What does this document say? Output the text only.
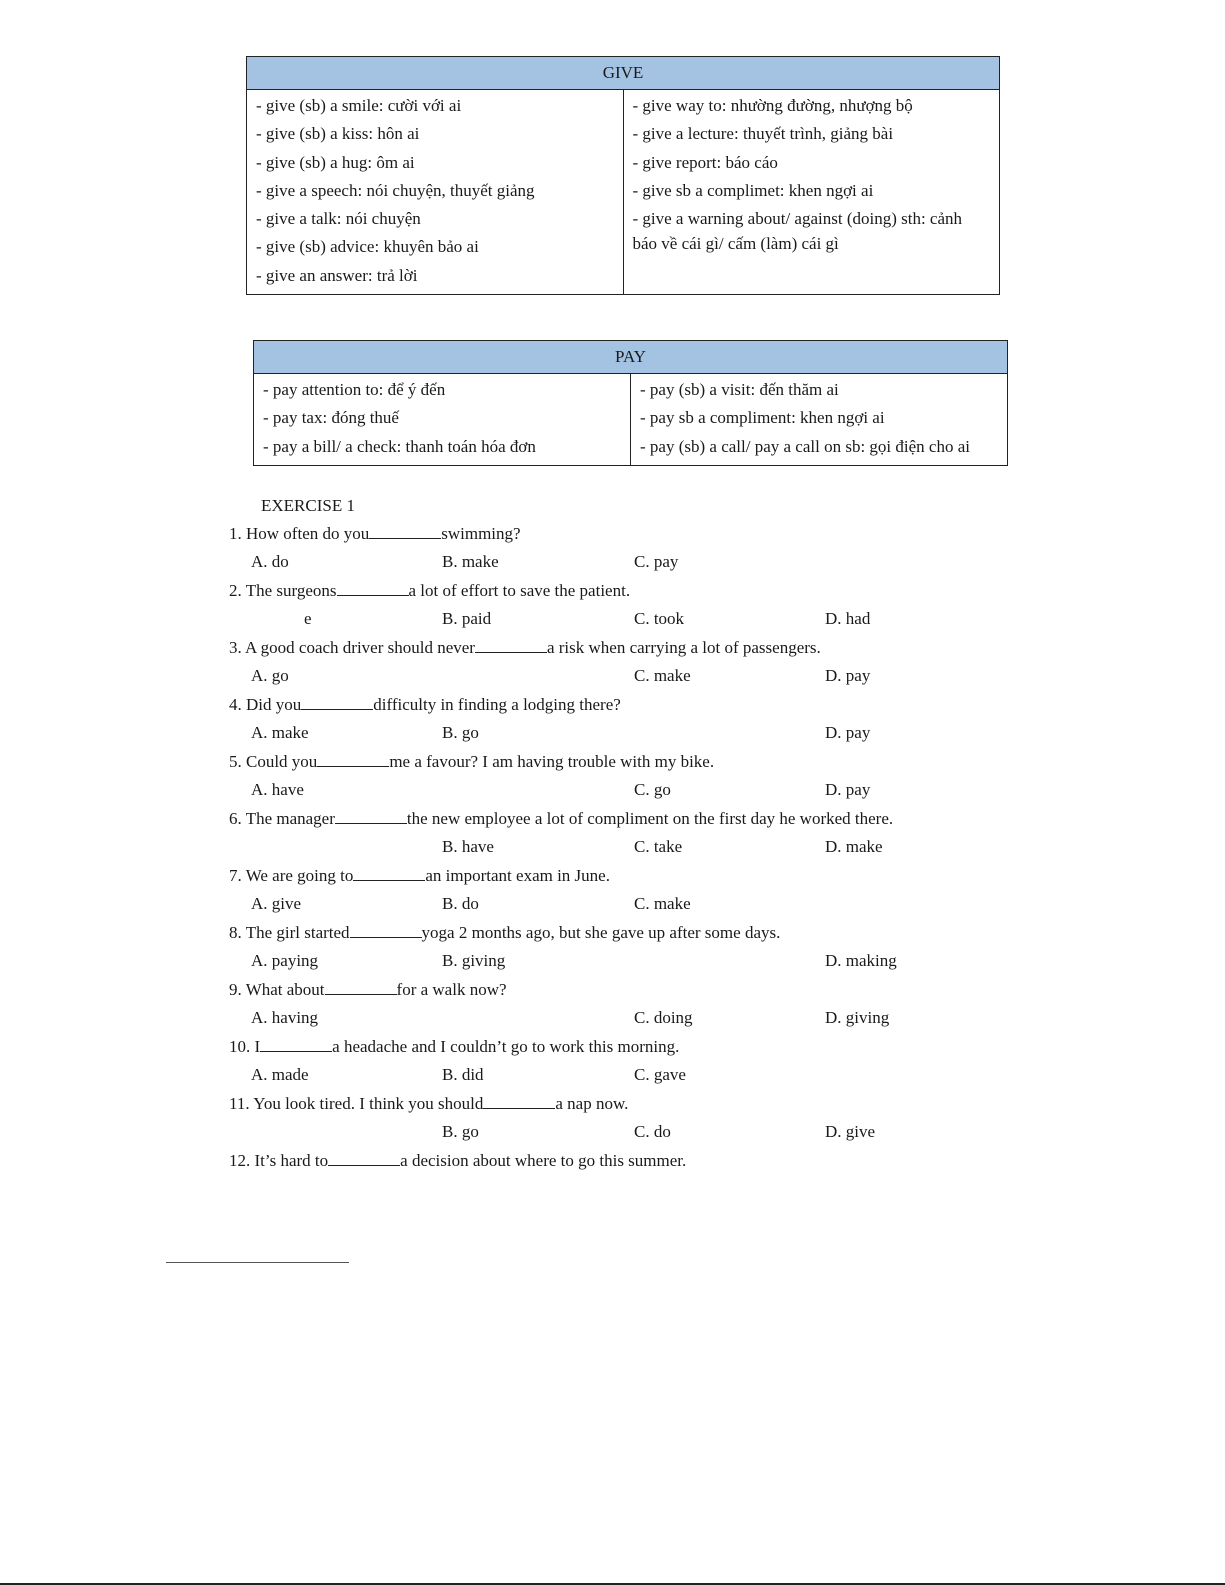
GIVE

- give (sb) a smile: cười với ai
- give (sb) a kiss: hôn ai
- give (sb) a hug: ôm ai
- give a speech: nói chuyện, thuyết giảng
- give a talk: nói chuyện
- give (sb) advice: khuyên bảo ai
- give an answer: trả lời

- give way to: nhường đường, nhượng bộ
- give a lecture: thuyết trình, giảng bài
- give report: báo cáo
- give sb a complimet: khen ngợi ai
- give a warning about/ against (doing) sth: cảnh báo về cái gì/ cấm (làm) cái gì
PAY

- pay attention to: để ý đến
- pay tax: đóng thuế
- pay a bill/ a check: thanh toán hóa đơn

- pay (sb) a visit: đến thăm ai
- pay sb a compliment: khen ngợi ai
- pay (sb) a call/ pay a call on sb: gọi điện cho ai
EXERCISE 1
1. How often do you	swimming?
A. do	B. make	C. pay
2. The surgeons	a lot of effort to save the patient.
e	B. paid	C. took	D. had
3. A good coach driver should never	a risk when carrying a lot of passengers.
A. go	C. make	D. pay
4. Did you	difficulty in finding a lodging there?
A. make	B. go	D. pay
5. Could you	me a favour? I am having trouble with my bike.
A. have	C. go	D. pay
6. The manager	the new employee a lot of compliment on the first day he worked there.
B. have	C. take	D. make
7. We are going to	an important exam in June.
A. give	B. do	C. make
8. The girl started	yoga 2 months ago, but she gave up after some days.
A. paying	B. giving	D. making
9. What about	for a walk now?
A. having	C. doing	D. giving
10. I	a headache and I couldn’t go to work this morning.
A. made	B. did	C. gave
11. You look tired. I think you should	a nap now.
B. go	C. do	D. give
12. It’s hard to	a decision about where to go this summer.
